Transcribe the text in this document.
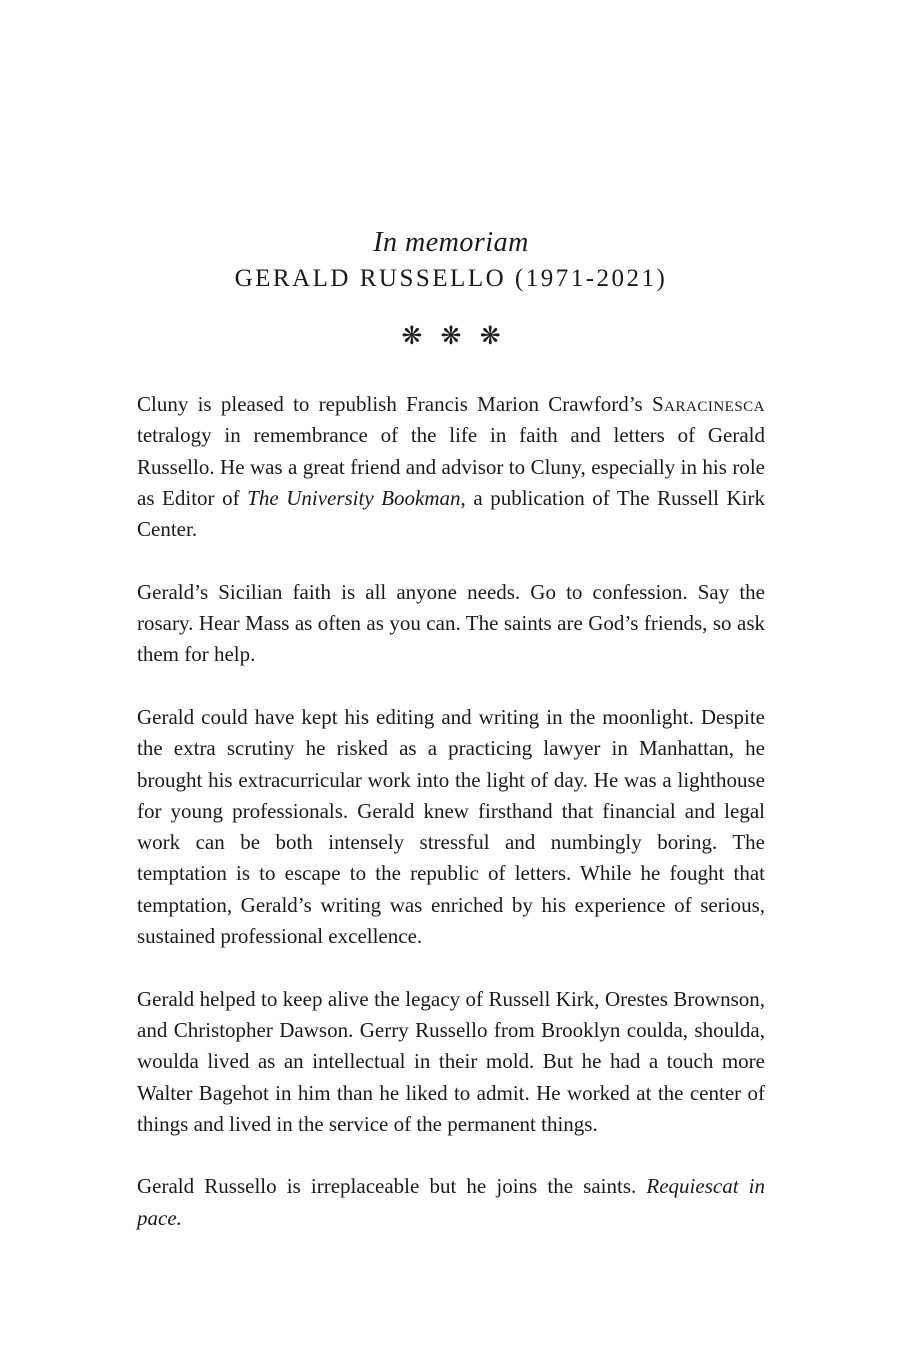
In memoriam
GERALD RUSSELLO (1971-2021)
❋ ❋ ❋

Cluny is pleased to republish Francis Marion Crawford’s Saracinesca tetralogy in remembrance of the life in faith and letters of Gerald Russello. He was a great friend and advisor to Cluny, especially in his role as Editor of The University Bookman, a publication of The Russell Kirk Center.

Gerald’s Sicilian faith is all anyone needs. Go to confession. Say the rosary. Hear Mass as often as you can. The saints are God’s friends, so ask them for help.

Gerald could have kept his editing and writing in the moonlight. Despite the extra scrutiny he risked as a practicing lawyer in Manhattan, he brought his extracurricular work into the light of day. He was a lighthouse for young professionals. Gerald knew firsthand that financial and legal work can be both intensely stressful and numbingly boring. The temptation is to escape to the republic of letters. While he fought that temptation, Gerald’s writing was enriched by his experience of serious, sustained professional excellence.

Gerald helped to keep alive the legacy of Russell Kirk, Orestes Brownson, and Christopher Dawson. Gerry Russello from Brooklyn coulda, shoulda, woulda lived as an intellectual in their mold. But he had a touch more Walter Bagehot in him than he liked to admit. He worked at the center of things and lived in the service of the permanent things.

Gerald Russello is irreplaceable but he joins the saints. Requiescat in pace.
